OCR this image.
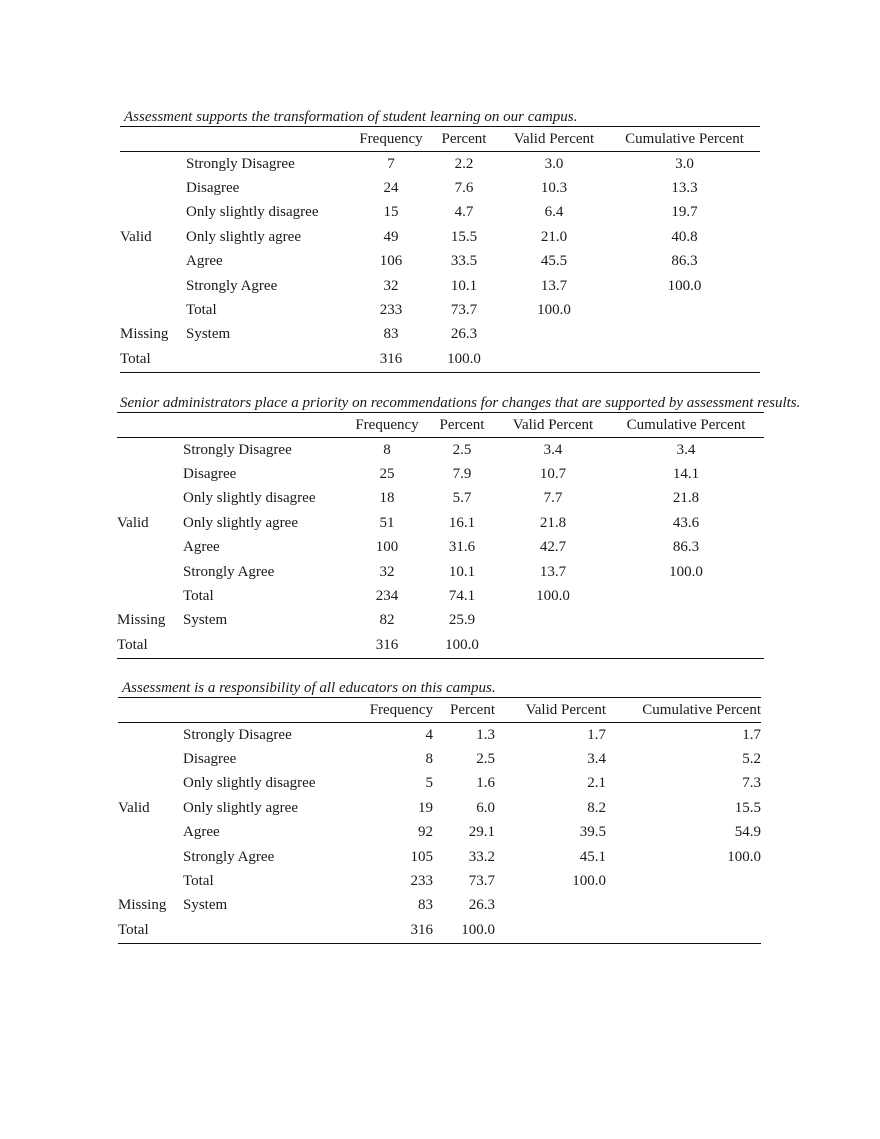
Assessment supports the transformation of student learning on our campus.
		Frequency	Percent	Valid Percent	Cumulative Percent
Valid	Strongly Disagree	7	2.2	3.0	3.0
	Disagree	24	7.6	10.3	13.3
	Only slightly disagree	15	4.7	6.4	19.7
	Only slightly agree	49	15.5	21.0	40.8
	Agree	106	33.5	45.5	86.3
	Strongly Agree	32	10.1	13.7	100.0
	Total	233	73.7	100.0	
Missing	System	83	26.3		
Total		316	100.0		
Senior administrators place a priority on recommendations for changes that are supported by assessment results.
		Frequency	Percent	Valid Percent	Cumulative Percent
Valid	Strongly Disagree	8	2.5	3.4	3.4
	Disagree	25	7.9	10.7	14.1
	Only slightly disagree	18	5.7	7.7	21.8
	Only slightly agree	51	16.1	21.8	43.6
	Agree	100	31.6	42.7	86.3
	Strongly Agree	32	10.1	13.7	100.0
	Total	234	74.1	100.0	
Missing	System	82	25.9		
Total		316	100.0		
Assessment is a responsibility of all educators on this campus.
		Frequency	Percent	Valid Percent	Cumulative Percent
Valid	Strongly Disagree	4	1.3	1.7	1.7
	Disagree	8	2.5	3.4	5.2
	Only slightly disagree	5	1.6	2.1	7.3
	Only slightly agree	19	6.0	8.2	15.5
	Agree	92	29.1	39.5	54.9
	Strongly Agree	105	33.2	45.1	100.0
	Total	233	73.7	100.0	
Missing	System	83	26.3		
Total		316	100.0		
